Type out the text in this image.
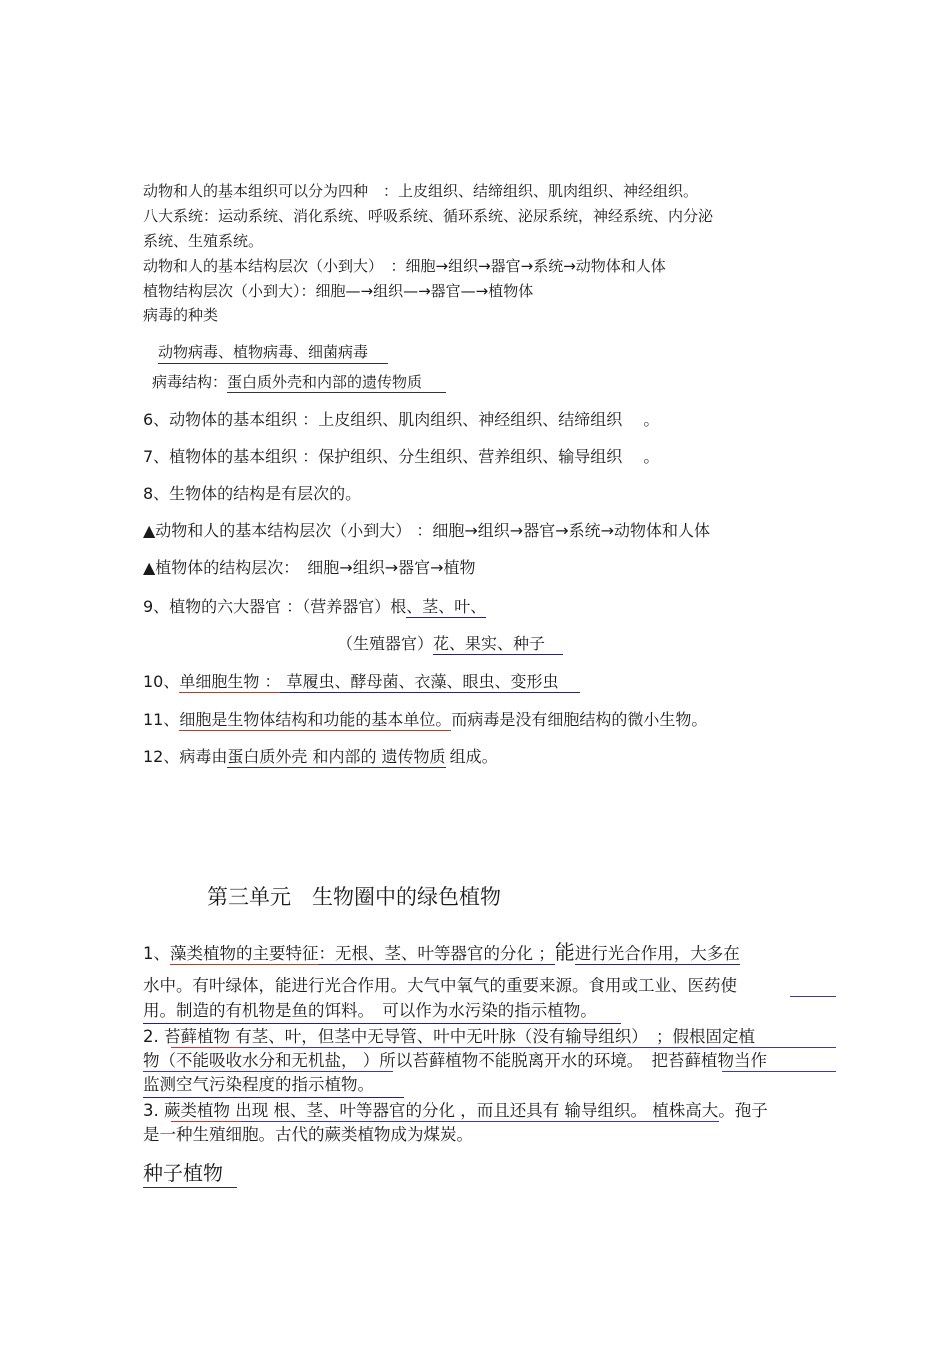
动物和人的基本组织可以分为四种　：上皮组织、结缔组织、肌肉组织、神经组织。
八大系统：运动系统、消化系统、呼吸系统、循环系统、泌尿系统，神经系统、内分泌
系统、生殖系统。
动物和人的基本结构层次（小到大）　：细胞→组织→器官→系统→动物体和人体
植物结构层次（小到大）：细胞—→组织—→器官—→植物体
病毒的种类
动物病毒、植物病毒、细菌病毒
病毒结构：蛋白质外壳和内部的遗传物质
6、动物体的基本组织 ：上皮组织、肌肉组织、神经组织、结缔组织　 。
7、植物体的基本组织 ：保护组织、分生组织、营养组织、输导组织　 。
8、生物体的结构是有层次的。
▲动物和人的基本结构层次（小到大） ：细胞→组织→器官→系统→动物体和人体
▲植物体的结构层次：　细胞→组织→器官→植物
9、植物的六大器官 ：（营养器官）根、茎、叶、
（生殖器官）花、果实、种子
10、单细胞生物 ： 草履虫、酵母菌、衣藻、眼虫、变形虫
11、细胞是生物体结构和功能的基本单位。而病毒是没有细胞结构的微小生物。
12、病毒由蛋白质外壳 和内部的 遗传物质 组成。
第三单元　生物圈中的绿色植物
1、藻类植物的主要特征：无根、茎、叶等器官的分化 ；能进行光合作用，大多在
水中。有叶绿体，能进行光合作用。大气中氧气的重要来源。食用或工业、医药使
用。制造的有机物是鱼的饵料。　可以作为水污染的指示植物。
2. 苔藓植物 有茎、叶，但茎中无导管、叶中无叶脉（没有输导组织）　；假根固定植
物（不能吸收水分和无机盐， ）所以苔藓植物不能脱离开水的环境。　把苔藓植物当作
监测空气污染程度的指示植物。
3. 蕨类植物 出现 根、茎、叶等器官的分化 ，而且还具有 输导组织。 植株高大。孢子
是一种生殖细胞。古代的蕨类植物成为煤炭。
种子植物
